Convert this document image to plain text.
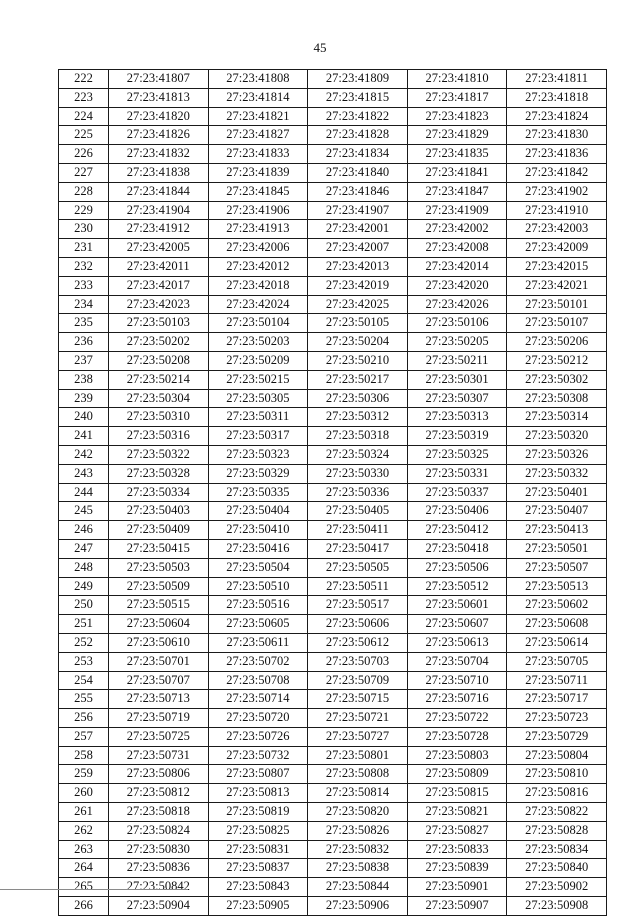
45
222	27:23:41807	27:23:41808	27:23:41809	27:23:41810	27:23:41811
223	27:23:41813	27:23:41814	27:23:41815	27:23:41817	27:23:41818
224	27:23:41820	27:23:41821	27:23:41822	27:23:41823	27:23:41824
225	27:23:41826	27:23:41827	27:23:41828	27:23:41829	27:23:41830
226	27:23:41832	27:23:41833	27:23:41834	27:23:41835	27:23:41836
227	27:23:41838	27:23:41839	27:23:41840	27:23:41841	27:23:41842
228	27:23:41844	27:23:41845	27:23:41846	27:23:41847	27:23:41902
229	27:23:41904	27:23:41906	27:23:41907	27:23:41909	27:23:41910
230	27:23:41912	27:23:41913	27:23:42001	27:23:42002	27:23:42003
231	27:23:42005	27:23:42006	27:23:42007	27:23:42008	27:23:42009
232	27:23:42011	27:23:42012	27:23:42013	27:23:42014	27:23:42015
233	27:23:42017	27:23:42018	27:23:42019	27:23:42020	27:23:42021
234	27:23:42023	27:23:42024	27:23:42025	27:23:42026	27:23:50101
235	27:23:50103	27:23:50104	27:23:50105	27:23:50106	27:23:50107
236	27:23:50202	27:23:50203	27:23:50204	27:23:50205	27:23:50206
237	27:23:50208	27:23:50209	27:23:50210	27:23:50211	27:23:50212
238	27:23:50214	27:23:50215	27:23:50217	27:23:50301	27:23:50302
239	27:23:50304	27:23:50305	27:23:50306	27:23:50307	27:23:50308
240	27:23:50310	27:23:50311	27:23:50312	27:23:50313	27:23:50314
241	27:23:50316	27:23:50317	27:23:50318	27:23:50319	27:23:50320
242	27:23:50322	27:23:50323	27:23:50324	27:23:50325	27:23:50326
243	27:23:50328	27:23:50329	27:23:50330	27:23:50331	27:23:50332
244	27:23:50334	27:23:50335	27:23:50336	27:23:50337	27:23:50401
245	27:23:50403	27:23:50404	27:23:50405	27:23:50406	27:23:50407
246	27:23:50409	27:23:50410	27:23:50411	27:23:50412	27:23:50413
247	27:23:50415	27:23:50416	27:23:50417	27:23:50418	27:23:50501
248	27:23:50503	27:23:50504	27:23:50505	27:23:50506	27:23:50507
249	27:23:50509	27:23:50510	27:23:50511	27:23:50512	27:23:50513
250	27:23:50515	27:23:50516	27:23:50517	27:23:50601	27:23:50602
251	27:23:50604	27:23:50605	27:23:50606	27:23:50607	27:23:50608
252	27:23:50610	27:23:50611	27:23:50612	27:23:50613	27:23:50614
253	27:23:50701	27:23:50702	27:23:50703	27:23:50704	27:23:50705
254	27:23:50707	27:23:50708	27:23:50709	27:23:50710	27:23:50711
255	27:23:50713	27:23:50714	27:23:50715	27:23:50716	27:23:50717
256	27:23:50719	27:23:50720	27:23:50721	27:23:50722	27:23:50723
257	27:23:50725	27:23:50726	27:23:50727	27:23:50728	27:23:50729
258	27:23:50731	27:23:50732	27:23:50801	27:23:50803	27:23:50804
259	27:23:50806	27:23:50807	27:23:50808	27:23:50809	27:23:50810
260	27:23:50812	27:23:50813	27:23:50814	27:23:50815	27:23:50816
261	27:23:50818	27:23:50819	27:23:50820	27:23:50821	27:23:50822
262	27:23:50824	27:23:50825	27:23:50826	27:23:50827	27:23:50828
263	27:23:50830	27:23:50831	27:23:50832	27:23:50833	27:23:50834
264	27:23:50836	27:23:50837	27:23:50838	27:23:50839	27:23:50840
265	27:23:50842	27:23:50843	27:23:50844	27:23:50901	27:23:50902
266	27:23:50904	27:23:50905	27:23:50906	27:23:50907	27:23:50908
